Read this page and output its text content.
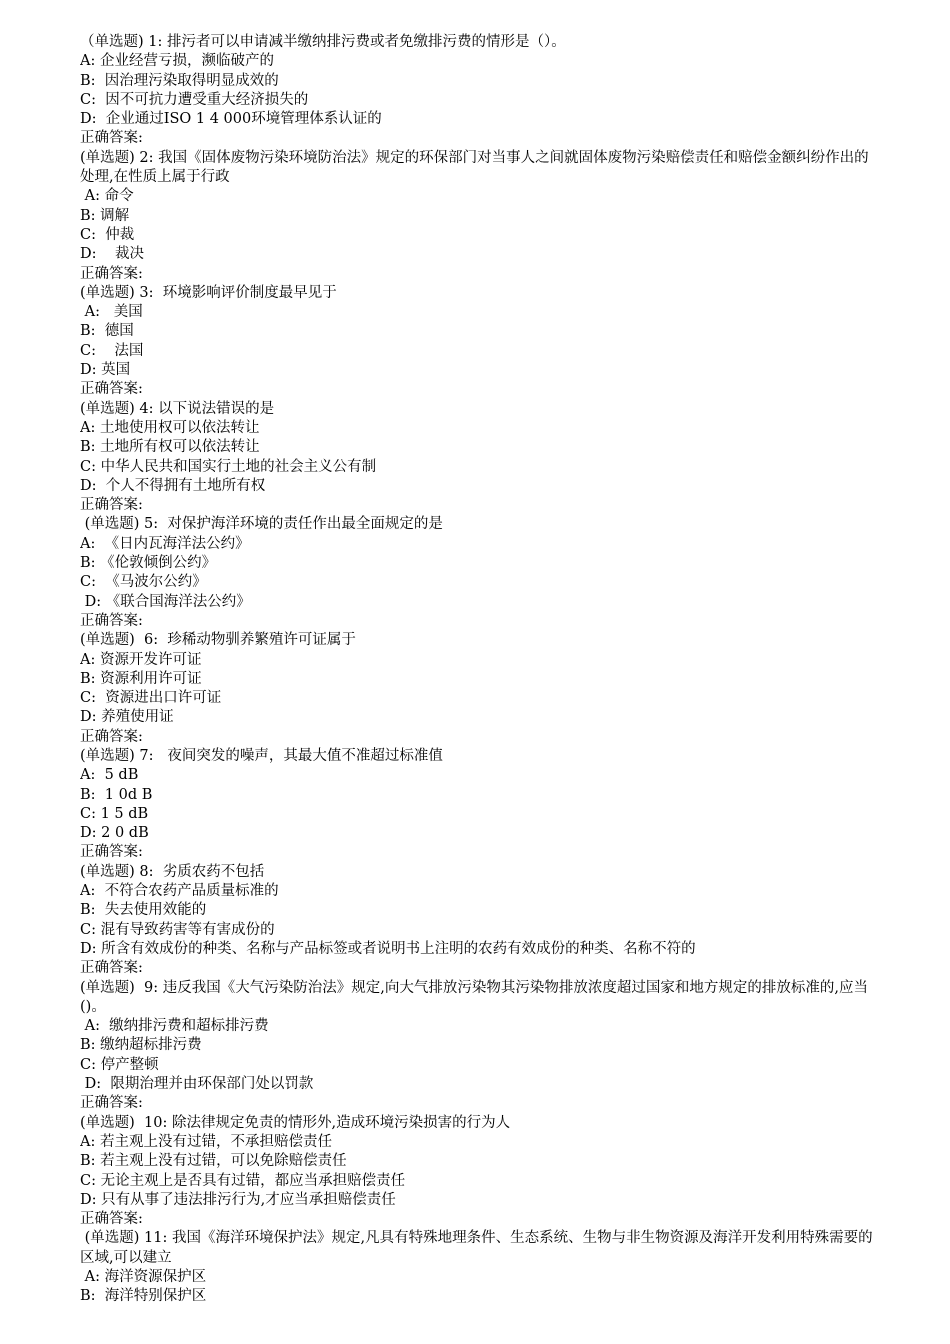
（单选题) 1: 排污者可以申请减半缴纳排污费或者免缴排污费的情形是（）。
A: 企业经营亏损，濒临破产的
B:  因治理污染取得明显成效的
C:  因不可抗力遭受重大经济损失的
D:  企业通过ISO 1 4 000环境管理体系认证的
正确答案:
(单选题) 2: 我国《固体废物污染环境防治法》规定的环保部门对当事人之间就固体废物污染赔偿责任和赔偿金额纠纷作出的处理,在性质上属于行政
A: 命令
B: 调解
C:  仲裁
D:    裁决
正确答案:
(单选题) 3:  环境影响评价制度最早见于
A:   美国
B:  德国
C:    法国
D: 英国
正确答案:
(单选题) 4: 以下说法错误的是
A: 土地使用权可以依法转让
B: 土地所有权可以依法转让
C: 中华人民共和国实行土地的社会主义公有制
D:  个人不得拥有土地所有权
正确答案:
(单选题) 5:  对保护海洋环境的责任作出最全面规定的是
A:  《日内瓦海洋法公约》
B: 《伦敦倾倒公约》
C:  《马波尔公约》
D: 《联合国海洋法公约》
正确答案:
(单选题)  6:  珍稀动物驯养繁殖许可证属于
A: 资源开发许可证
B: 资源利用许可证
C:  资源进出口许可证
D: 养殖使用证
正确答案:
(单选题) 7:   夜间突发的噪声，其最大值不准超过标准值
A:  5 dB
B:  1 0d B
C: 1 5 dB
D: 2 0 dB
正确答案:
(单选题) 8:  劣质农药不包括
A:  不符合农药产品质量标准的
B:  失去使用效能的
C: 混有导致药害等有害成份的
D: 所含有效成份的种类、名称与产品标签或者说明书上注明的农药有效成份的种类、名称不符的
正确答案:
(单选题)  9: 违反我国《大气污染防治法》规定,向大气排放污染物其污染物排放浓度超过国家和地方规定的排放标准的,应当()。
A:  缴纳排污费和超标排污费
B: 缴纳超标排污费
C: 停产整顿
D:  限期治理并由环保部门处以罚款
正确答案:
(单选题)  10: 除法律规定免责的情形外,造成环境污染损害的行为人
A: 若主观上没有过错，不承担赔偿责任
B: 若主观上没有过错，可以免除赔偿责任
C: 无论主观上是否具有过错，都应当承担赔偿责任
D: 只有从事了违法排污行为,才应当承担赔偿责任
正确答案:
(单选题) 11: 我国《海洋环境保护法》规定,凡具有特殊地理条件、生态系统、生物与非生物资源及海洋开发利用特殊需要的区域,可以建立
A: 海洋资源保护区
B:  海洋特别保护区
